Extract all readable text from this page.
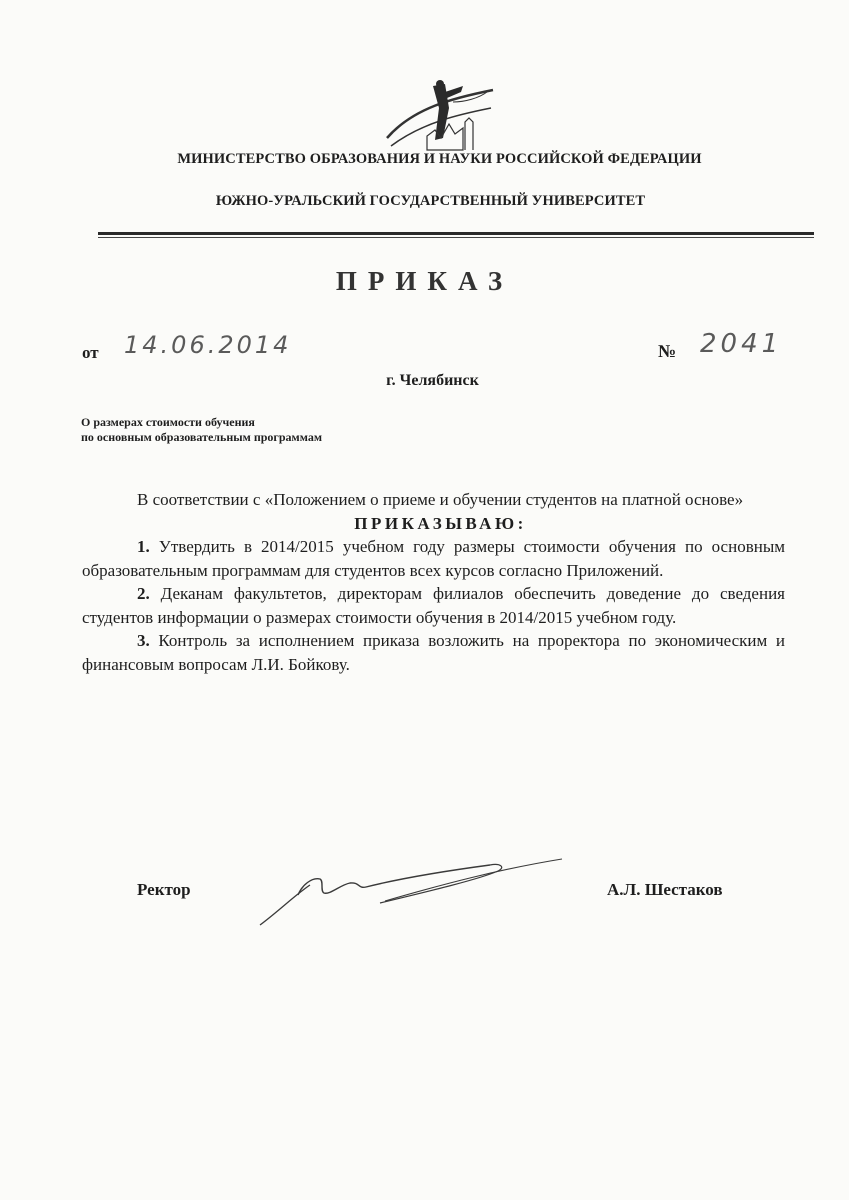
МИНИСТЕРСТВО ОБРАЗОВАНИЯ И НАУКИ РОССИЙСКОЙ ФЕДЕРАЦИИ
ЮЖНО-УРАЛЬСКИЙ ГОСУДАРСТВЕННЫЙ УНИВЕРСИТЕТ
ПРИКАЗ
от 14.06.2014	№ 2041
г. Челябинск
О размерах стоимости обучения
по основным образовательным программам

В соответствии с «Положением о приеме и обучении студентов на платной основе»

ПРИКАЗЫВАЮ:

1. Утвердить в 2014/2015 учебном году размеры стоимости обучения по основным образовательным программам для студентов всех курсов согласно Приложений.

2. Деканам факультетов, директорам филиалов обеспечить доведение до сведения студентов информации о размерах стоимости обучения в 2014/2015 учебном году.

3. Контроль за исполнением приказа возложить на проректора по экономическим и финансовым вопросам Л.И. Бойкову.

Ректор	А.Л. Шестаков
